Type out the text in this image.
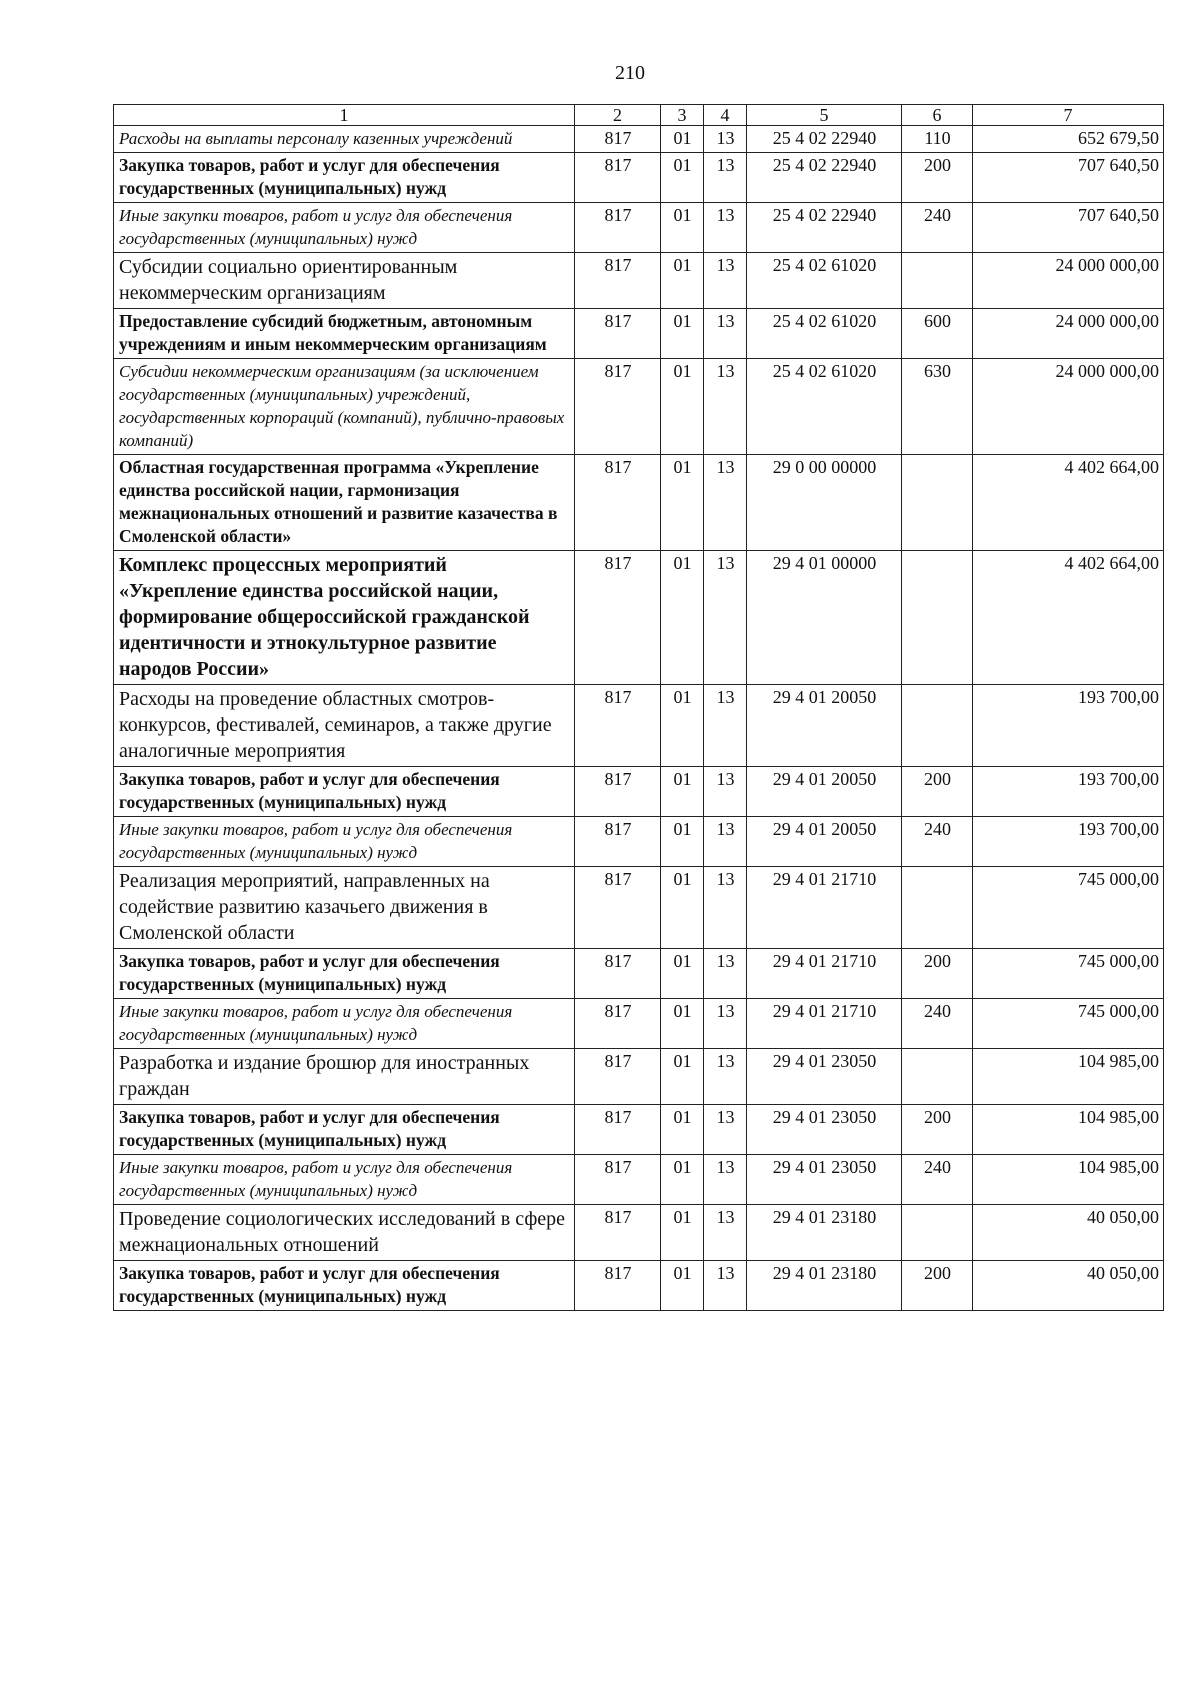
210
1	2	3	4	5	6	7
Расходы на выплаты персоналу казенных учреждений	817	01	13	25 4 02 22940	110	652 679,50
Закупка товаров, работ и услуг для обеспечения государственных (муниципальных) нужд	817	01	13	25 4 02 22940	200	707 640,50
Иные закупки товаров, работ и услуг для обеспечения государственных (муниципальных) нужд	817	01	13	25 4 02 22940	240	707 640,50
Субсидии социально ориентированным некоммерческим организациям	817	01	13	25 4 02 61020		24 000 000,00
Предоставление субсидий бюджетным, автономным учреждениям и иным некоммерческим организациям	817	01	13	25 4 02 61020	600	24 000 000,00
Субсидии некоммерческим организациям (за исключением государственных (муниципальных) учреждений, государственных корпораций (компаний), публично-правовых компаний)	817	01	13	25 4 02 61020	630	24 000 000,00
Областная государственная программа «Укрепление единства российской нации, гармонизация межнациональных отношений и развитие казачества в Смоленской области»	817	01	13	29 0 00 00000		4 402 664,00
Комплекс процессных мероприятий «Укрепление единства российской нации, формирование общероссийской гражданской идентичности и этнокультурное развитие народов России»	817	01	13	29 4 01 00000		4 402 664,00
Расходы на проведение областных смотров-конкурсов, фестивалей, семинаров, а также другие аналогичные мероприятия	817	01	13	29 4 01 20050		193 700,00
Закупка товаров, работ и услуг для обеспечения государственных (муниципальных) нужд	817	01	13	29 4 01 20050	200	193 700,00
Иные закупки товаров, работ и услуг для обеспечения государственных (муниципальных) нужд	817	01	13	29 4 01 20050	240	193 700,00
Реализация мероприятий, направленных на содействие развитию казачьего движения в Смоленской области	817	01	13	29 4 01 21710		745 000,00
Закупка товаров, работ и услуг для обеспечения государственных (муниципальных) нужд	817	01	13	29 4 01 21710	200	745 000,00
Иные закупки товаров, работ и услуг для обеспечения государственных (муниципальных) нужд	817	01	13	29 4 01 21710	240	745 000,00
Разработка и издание брошюр для иностранных граждан	817	01	13	29 4 01 23050		104 985,00
Закупка товаров, работ и услуг для обеспечения государственных (муниципальных) нужд	817	01	13	29 4 01 23050	200	104 985,00
Иные закупки товаров, работ и услуг для обеспечения государственных (муниципальных) нужд	817	01	13	29 4 01 23050	240	104 985,00
Проведение социологических исследований в сфере межнациональных отношений	817	01	13	29 4 01 23180		40 050,00
Закупка товаров, работ и услуг для обеспечения государственных (муниципальных) нужд	817	01	13	29 4 01 23180	200	40 050,00
